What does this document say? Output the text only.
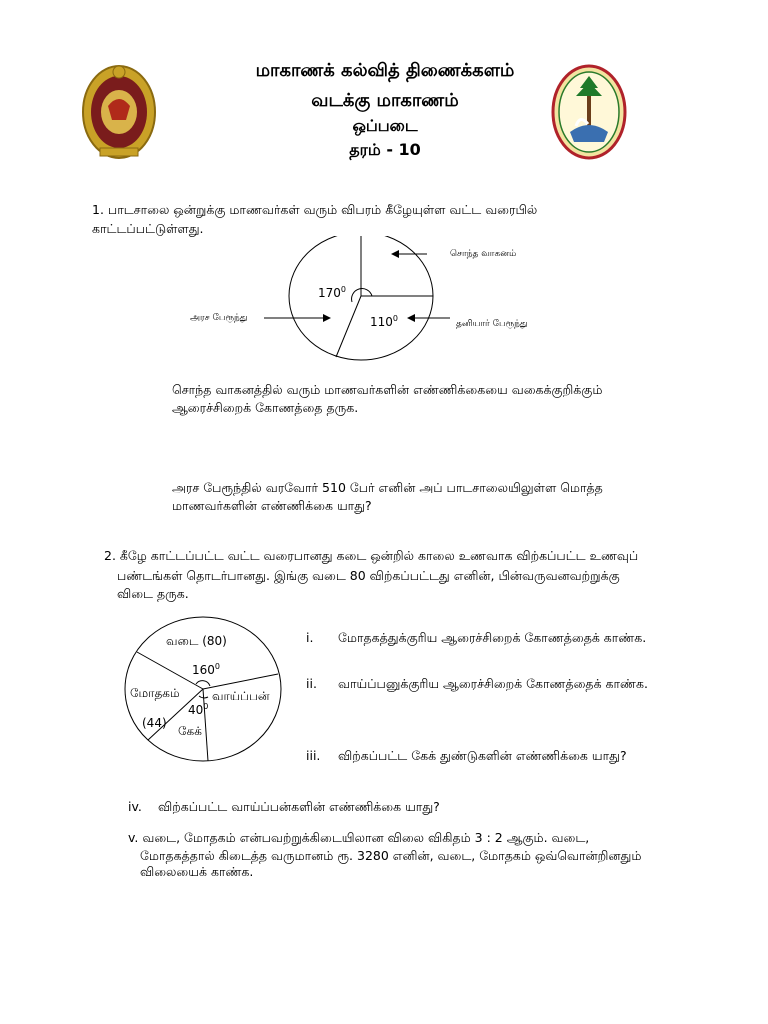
மாகாணக் கல்வித் திணைக்களம்
வடக்கு மாகாணம்
ஒப்படை
தரம் - 10
1. பாடசாலை ஒன்றுக்கு மாணவர்கள் வரும் விபரம் கீழேயுள்ள வட்ட வரைபில்
காட்டப்பட்டுள்ளது.
சொந்த வாகனம்
அரச பேரூந்து
தனியார் பேரூந்து
$170^0$
$110^0$
சொந்த வாகனத்தில் வரும் மாணவர்களின் எண்ணிக்கையை வகைக்குறிக்கும்
ஆரைச்சிறைக் கோணத்தை தருக.
அரச பேரூந்தில் வரவோர் 510 பேர் எனின் அப் பாடசாலையிலுள்ள மொத்த
மாணவர்களின் எண்ணிக்கை யாது?
2. கீழே காட்டப்பட்ட வட்ட வரைபானது கடை ஒன்றில் காலை உணவாக விற்கப்பட்ட உணவுப்
பண்டங்கள் தொடர்பானது. இங்கு வடை 80 விற்கப்பட்டது எனின், பின்வருவனவற்றுக்கு
விடை தருக.
வடை (80)
$160^0$
மோதகம்
(44)
வாய்ப்பன்
$40^0$
கேக்
i. மோதகத்துக்குரிய ஆரைச்சிறைக் கோணத்தைக் காண்க.
ii. வாய்ப்பனுக்குரிய ஆரைச்சிறைக் கோணத்தைக் காண்க.
iii. விற்கப்பட்ட கேக் துண்டுகளின் எண்ணிக்கை யாது?
iv. விற்கப்பட்ட வாய்ப்பன்களின் எண்ணிக்கை யாது?
v. வடை, மோதகம் என்பவற்றுக்கிடையிலான விலை விகிதம் 3 : 2 ஆகும். வடை,
மோதகத்தால் கிடைத்த வருமானம் ரூ. 3280 எனின், வடை, மோதகம் ஒவ்வொன்றினதும்
விலையைக் காண்க.
